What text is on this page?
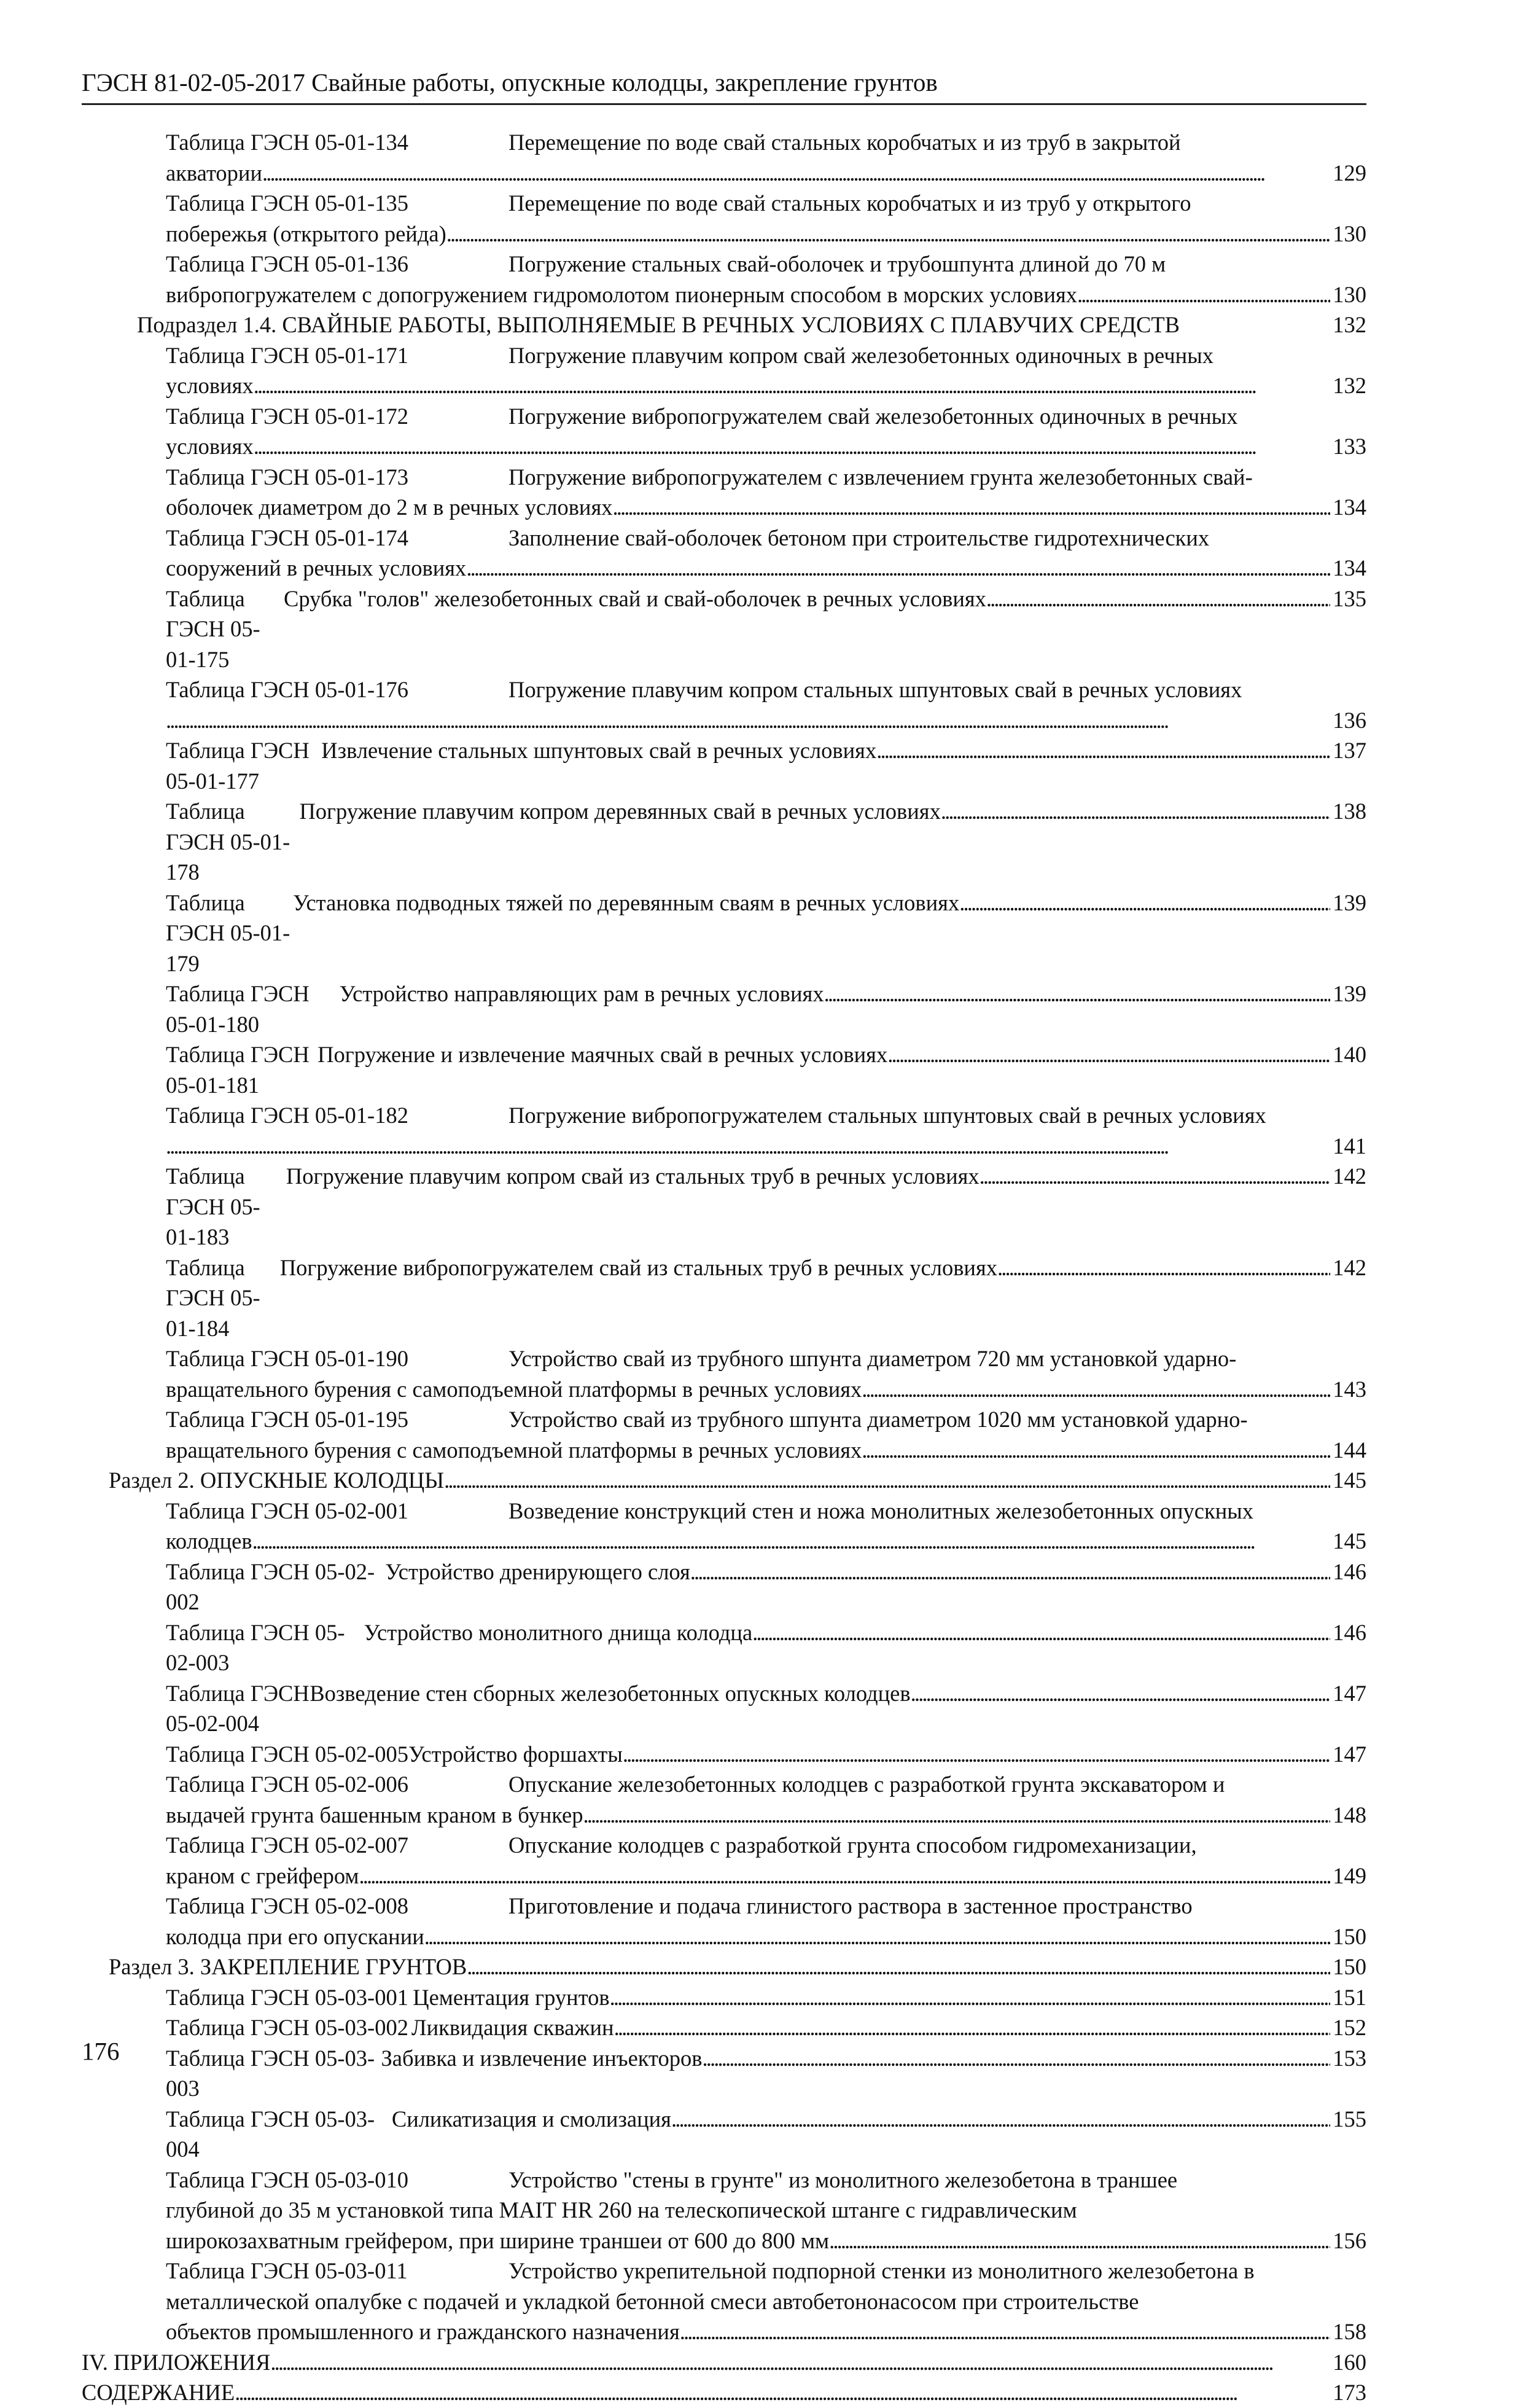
ГЭСН 81-02-05-2017 Свайные работы, опускные колодцы, закрепление грунтов
Таблица ГЭСН 05-01-134	Перемещение по воде свай стальных коробчатых и из труб в закрытой
акватории . . .	129
Таблица ГЭСН 05-01-135	Перемещение по воде свай стальных коробчатых и из труб у открытого
побережья (открытого рейда) . . .	130
Таблица ГЭСН 05-01-136	Погружение стальных свай-оболочек и трубошпунта длиной до 70 м
вибропогружателем с допогружением гидромолотом пионерным способом в морских условиях . . .	130
Подраздел 1.4. СВАЙНЫЕ РАБОТЫ, ВЫПОЛНЯЕМЫЕ В РЕЧНЫХ УСЛОВИЯХ С ПЛАВУЧИХ СРЕДСТВ	132
Таблица ГЭСН 05-01-171	Погружение плавучим копром свай железобетонных одиночных в речных
условиях . . .	132
Таблица ГЭСН 05-01-172	Погружение вибропогружателем свай железобетонных одиночных в речных
условиях . . .	133
Таблица ГЭСН 05-01-173	Погружение вибропогружателем с извлечением грунта железобетонных свай-
оболочек диаметром до 2 м в речных условиях . . .	134
Таблица ГЭСН 05-01-174	Заполнение свай-оболочек бетоном при строительстве гидротехнических
сооружений в речных условиях . . .	134
Таблица ГЭСН 05-01-175
Срубка "голов" железобетонных свай и свай-оболочек в речных условиях . . .	135
Таблица ГЭСН 05-01-176	Погружение плавучим копром стальных шпунтовых свай в речных условиях
. . .
136
Таблица ГЭСН 05-01-177
Извлечение стальных шпунтовых свай в речных условиях . . .	137
Таблица ГЭСН 05-01-178
Погружение плавучим копром деревянных свай в речных условиях . . .	138
Таблица ГЭСН 05-01-179
Установка подводных тяжей по деревянным сваям в речных условиях . . .	139
Таблица ГЭСН 05-01-180
Устройство направляющих рам в речных условиях . . .	139
Таблица ГЭСН 05-01-181
Погружение и извлечение маячных свай в речных условиях . . .	140
Таблица ГЭСН 05-01-182	Погружение вибропогружателем стальных шпунтовых свай в речных условиях
. . .
141
Таблица ГЭСН 05-01-183
Погружение плавучим копром свай из стальных труб в речных условиях . . .	142
Таблица ГЭСН 05-01-184
Погружение вибропогружателем свай из стальных труб в речных условиях . . .	142
Таблица ГЭСН 05-01-190	Устройство свай из трубного шпунта диаметром 720 мм установкой ударно-
вращательного бурения с самоподъемной платформы в речных условиях . . .	143
Таблица ГЭСН 05-01-195	Устройство свай из трубного шпунта диаметром 1020 мм установкой ударно-
вращательного бурения с самоподъемной платформы в речных условиях . . .	144
Раздел 2. ОПУСКНЫЕ КОЛОДЦЫ . . .	145
Таблица ГЭСН 05-02-001	Возведение конструкций стен и ножа монолитных железобетонных опускных
колодцев . . .	145
Таблица ГЭСН 05-02-002
Устройство дренирующего слоя . . .	146
Таблица ГЭСН 05-02-003
Устройство монолитного днища колодца . . .	146
Таблица ГЭСН 05-02-004
Возведение стен сборных железобетонных опускных колодцев . . .	147
Таблица ГЭСН 05-02-005 Устройство форшахты . . .	147
Таблица ГЭСН 05-02-006	Опускание железобетонных колодцев с разработкой грунта экскаватором и
выдачей грунта башенным краном в бункер . . .	148
Таблица ГЭСН 05-02-007	Опускание колодцев с разработкой грунта способом гидромеханизации,
краном с грейфером . . .	149
Таблица ГЭСН 05-02-008	Приготовление и подача глинистого раствора в застенное пространство
колодца при его опускании . . .	150
Раздел 3. ЗАКРЕПЛЕНИЕ ГРУНТОВ . . .	150
Таблица ГЭСН 05-03-001 Цементация грунтов . . .	151
Таблица ГЭСН 05-03-002 Ликвидация скважин . . .	152
Таблица ГЭСН 05-03-003
Забивка и извлечение инъекторов . . .	153
Таблица ГЭСН 05-03-004
Силикатизация и смолизация . . .	155
Таблица ГЭСН 05-03-010	Устройство "стены в грунте" из монолитного железобетона в траншее
глубиной до 35 м установкой типа MAIT HR 260 на телескопической штанге с гидравлическим
широкозахватным грейфером, при ширине траншеи от 600 до 800 мм . . .	156
Таблица ГЭСН 05-03-011	Устройство укрепительной подпорной стенки из монолитного железобетона в
металлической опалубке с подачей и укладкой бетонной смеси автобетононасосом при строительстве
объектов промышленного и гражданского назначения . . .	158
IV. ПРИЛОЖЕНИЯ . . .	160
СОДЕРЖАНИЕ . . .	173
176
